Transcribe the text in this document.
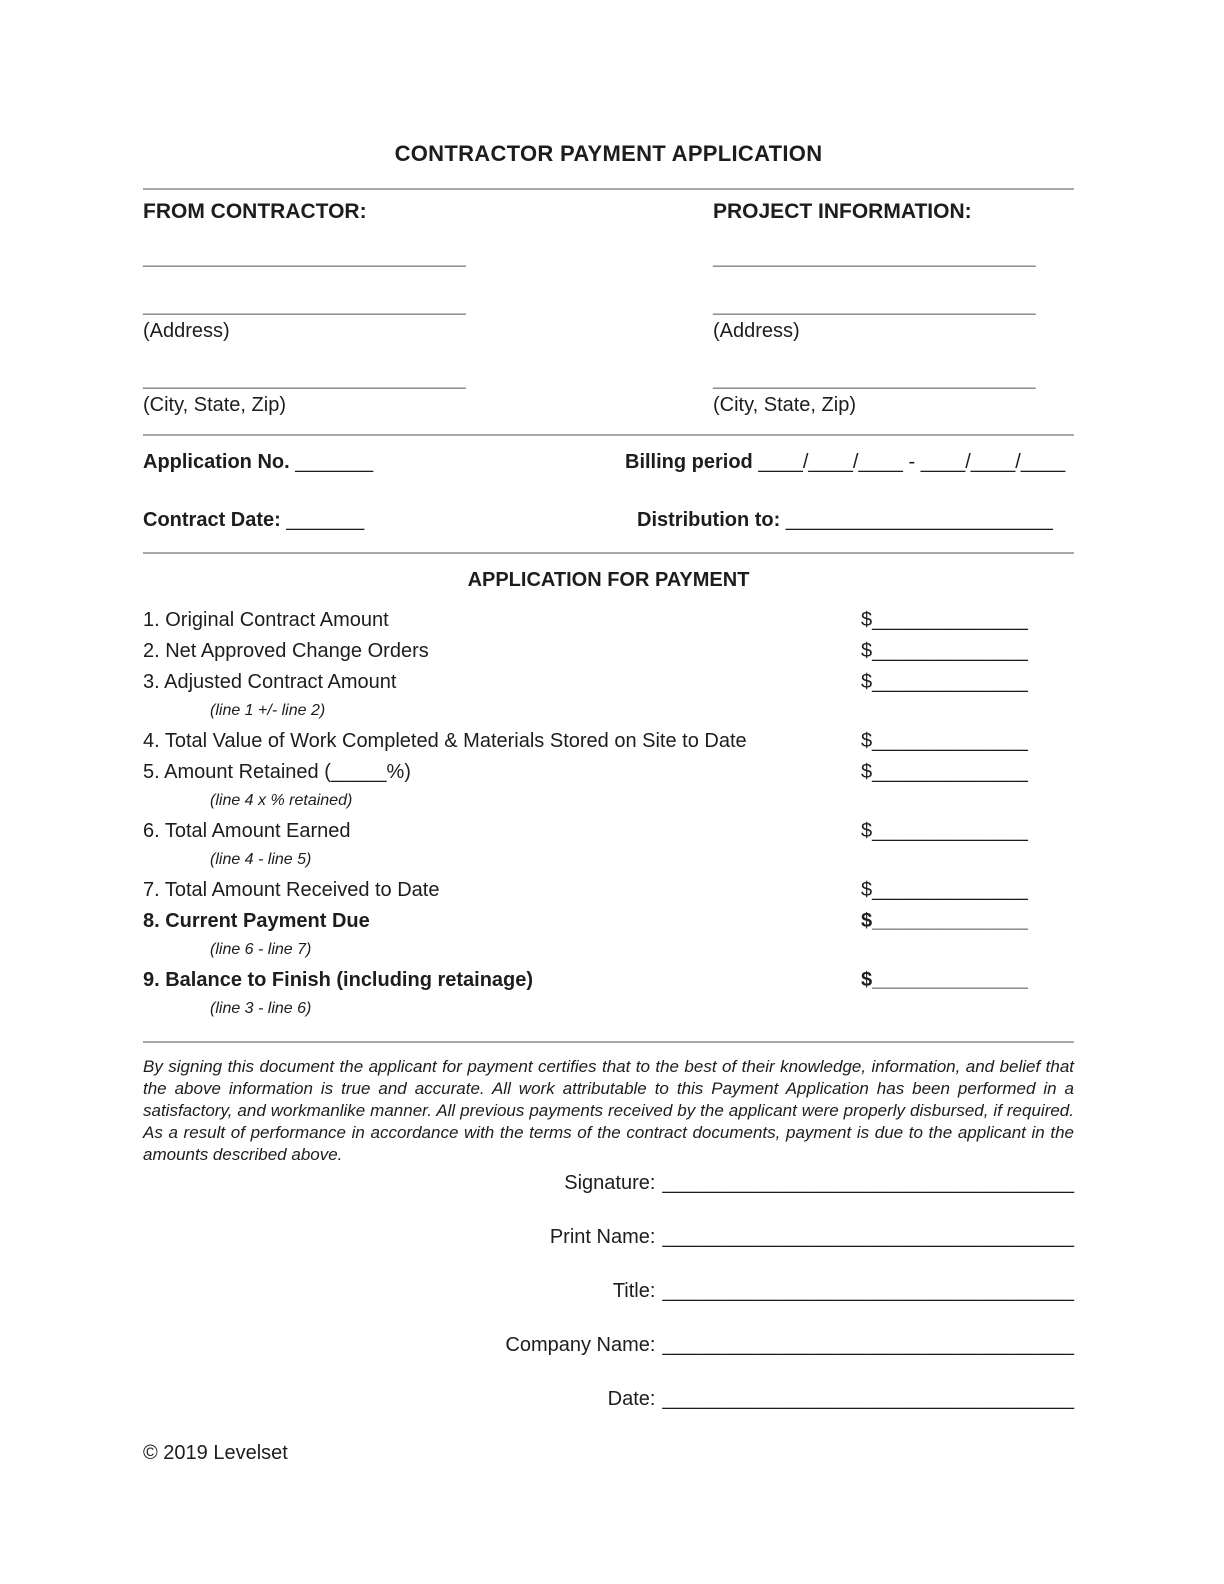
CONTRACTOR PAYMENT APPLICATION
FROM CONTRACTOR:
_____________________________
_____________________________
(Address)
_____________________________
(City, State, Zip)
PROJECT INFORMATION:
_____________________________
_____________________________
(Address)
_____________________________
(City, State, Zip)
Application No. _______	Billing period ____/____/____ - ____/____/____
Contract Date: _______	Distribution to: ________________________
APPLICATION FOR PAYMENT
1. Original Contract Amount	$______________
2. Net Approved Change Orders	$______________
3. Adjusted Contract Amount	$______________
(line 1 +/- line 2)
4. Total Value of Work Completed & Materials Stored on Site to Date	$______________
5. Amount Retained (_____%)	$______________
(line 4 x % retained)
6. Total Amount Earned	$______________
(line 4 - line 5)
7. Total Amount Received to Date	$______________
8. Current Payment Due	$______________
(line 6 - line 7)
9. Balance to Finish (including retainage)	$______________
(line 3 - line 6)
By signing this document the applicant for payment certifies that to the best of their knowledge, information, and belief that the above information is true and accurate. All work attributable to this Payment Application has been performed in a satisfactory, and workmanlike manner. All previous payments received by the applicant were properly disbursed, if required. As a result of performance in accordance with the terms of the contract documents, payment is due to the applicant in the amounts described above.
Signature: _____________________________________
Print Name: _____________________________________
Title: _____________________________________
Company Name: _____________________________________
Date: _____________________________________
© 2019 Levelset
